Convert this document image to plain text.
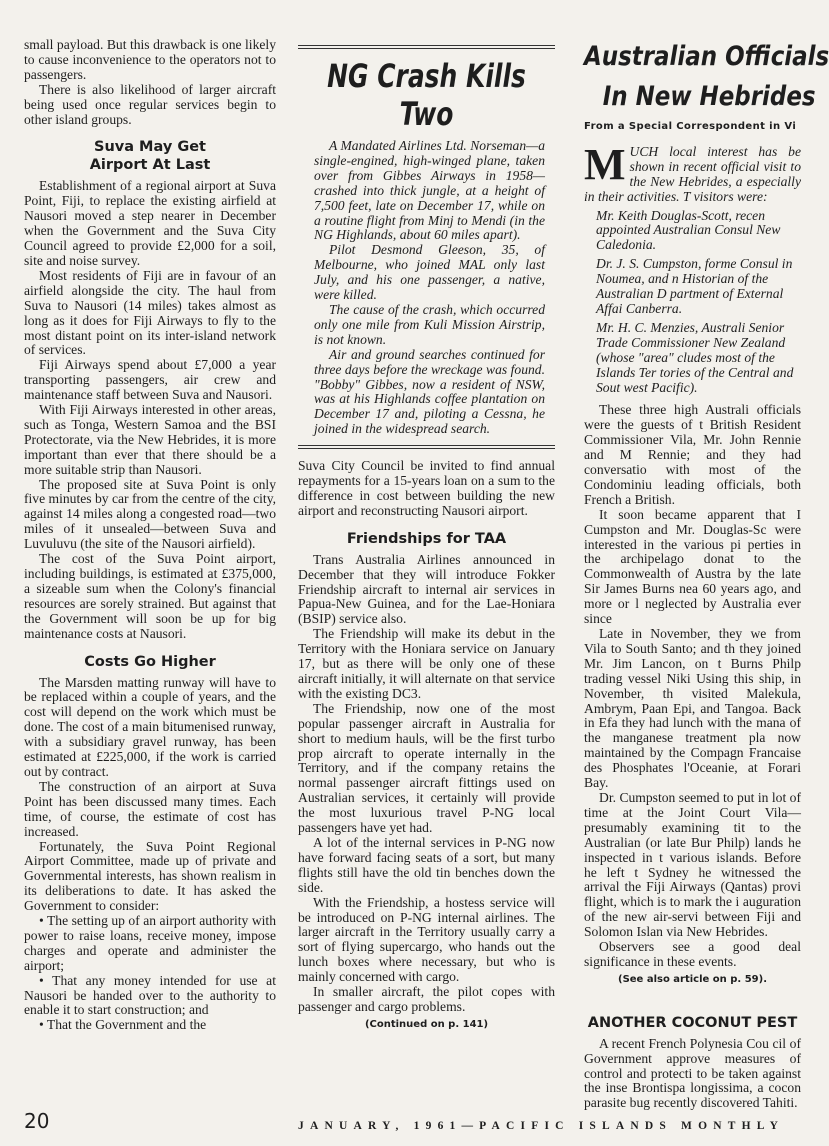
small payload. But this drawback is one likely to cause inconvenience to the operators not to passengers.

There is also likelihood of larger aircraft being used once regular services begin to other island groups.

Suva May Get Airport At Last

Establishment of a regional airport at Suva Point, Fiji, to replace the existing airfield at Nausori moved a step nearer in December when the Government and the Suva City Council agreed to provide £2,000 for a soil, site and noise survey.

Most residents of Fiji are in favour of an airfield alongside the city. The haul from Suva to Nausori (14 miles) takes almost as long as it does for Fiji Airways to fly to the most distant point on its inter-island network of services.

Fiji Airways spend about £7,000 a year transporting passengers, air crew and maintenance staff between Suva and Nausori.

With Fiji Airways interested in other areas, such as Tonga, Western Samoa and the BSI Protectorate, via the New Hebrides, it is more important than ever that there should be a more suitable strip than Nausori.

The proposed site at Suva Point is only five minutes by car from the centre of the city, against 14 miles along a congested road—two miles of it unsealed—between Suva and Luvuluvu (the site of the Nausori airfield).

The cost of the Suva Point airport, including buildings, is estimated at £375,000, a sizeable sum when the Colony's financial resources are sorely strained. But against that the Government will soon be up for big maintenance costs at Nausori.

Costs Go Higher

The Marsden matting runway will have to be replaced within a couple of years, and the cost will depend on the work which must be done. The cost of a main bitumenised runway, with a subsidiary gravel runway, has been estimated at £225,000, if the work is carried out by contract.

The construction of an airport at Suva Point has been discussed many times. Each time, of course, the estimate of cost has increased.

Fortunately, the Suva Point Regional Airport Committee, made up of private and Governmental interests, has shown realism in its deliberations to date. It has asked the Government to consider:

• The setting up of an airport authority with power to raise loans, receive money, impose charges and operate and administer the airport;

• That any money intended for use at Nausori be handed over to the authority to enable it to start construction; and

• That the Government and the

NG Crash Kills Two

A Mandated Airlines Ltd. Norseman—a single-engined, high-winged plane, taken over from Gibbes Airways in 1958—crashed into thick jungle, at a height of 7,500 feet, late on December 17, while on a routine flight from Minj to Mendi (in the NG Highlands, about 60 miles apart).

Pilot Desmond Gleeson, 35, of Melbourne, who joined MAL only last July, and his one passenger, a native, were killed.

The cause of the crash, which occurred only one mile from Kuli Mission Airstrip, is not known.

Air and ground searches continued for three days before the wreckage was found. "Bobby" Gibbes, now a resident of NSW, was at his Highlands coffee plantation on December 17 and, piloting a Cessna, he joined in the widespread search.

Suva City Council be invited to find annual repayments for a 15-years loan on a sum to the difference in cost between building the new airport and reconstructing Nausori airport.

Friendships for TAA

Trans Australia Airlines announced in December that they will introduce Fokker Friendship aircraft to internal air services in Papua-New Guinea, and for the Lae-Honiara (BSIP) service also.

The Friendship will make its debut in the Territory with the Honiara service on January 17, but as there will be only one of these aircraft initially, it will alternate on that service with the existing DC3.

The Friendship, now one of the most popular passenger aircraft in Australia for short to medium hauls, will be the first turbo prop aircraft to operate internally in the Territory, and if the company retains the normal passenger aircraft fittings used on Australian services, it certainly will provide the most luxurious travel P-NG local passengers have yet had.

A lot of the internal services in P-NG now have forward facing seats of a sort, but many flights still have the old tin benches down the side.

With the Friendship, a hostess service will be introduced on P-NG internal airlines. The larger aircraft in the Territory usually carry a sort of flying supercargo, who hands out the lunch boxes where necessary, but who is mainly concerned with cargo.

In smaller aircraft, the pilot copes with passenger and cargo problems.

(Continued on p. 141)
Australian Officials
In New Hebrides
From a Special Correspondent in Vi
MUCH local interest has be shown in recent official visit to the New Hebrides, a especially in their activities. T visitors were:

Mr. Keith Douglas-Scott, recen appointed Australian Consul New Caledonia.

Dr. J. S. Cumpston, forme Consul in Noumea, and n Historian of the Australian D partment of External Affai Canberra.

Mr. H. C. Menzies, Australi Senior Trade Commissioner New Zealand (whose "area" cludes most of the Islands Ter tories of the Central and Sout west Pacific).

These three high Australi officials were the guests of t British Resident Commissioner Vila, Mr. John Rennie and M Rennie; and they had conversatio with most of the Condominiu leading officials, both French a British.

It soon became apparent that I Cumpston and Mr. Douglas-Sc were interested in the various pi perties in the archipelago donat to the Commonwealth of Austra by the late Sir James Burns nea 60 years ago, and more or l neglected by Australia ever since

Late in November, they we from Vila to South Santo; and th they joined Mr. Jim Lancon, on t Burns Philp trading vessel Niki Using this ship, in November, th visited Malekula, Ambrym, Paan Epi, and Tangoa. Back in Efa they had lunch with the mana of the manganese treatment pla now maintained by the Compagn Francaise des Phosphates l'Oceanie, at Forari Bay.

Dr. Cumpston seemed to put in lot of time at the Joint Court Vila—presumably examining tit to the Australian (or late Bur Philp) lands he inspected in t various islands. Before he left t Sydney he witnessed the arrival the Fiji Airways (Qantas) provi flight, which is to mark the i auguration of the new air-servi between Fiji and Solomon Islan via New Hebrides.

Observers see a good deal significance in these events.

(See also article on p. 59).
ANOTHER COCONUT PEST

A recent French Polynesia Cou cil of Government approve measures of control and protecti to be taken against the inse Brontispa longissima, a cocon parasite bug recently discovered Tahiti.

20	JANUARY, 1961—PACIFIC ISLANDS MONTHLY
